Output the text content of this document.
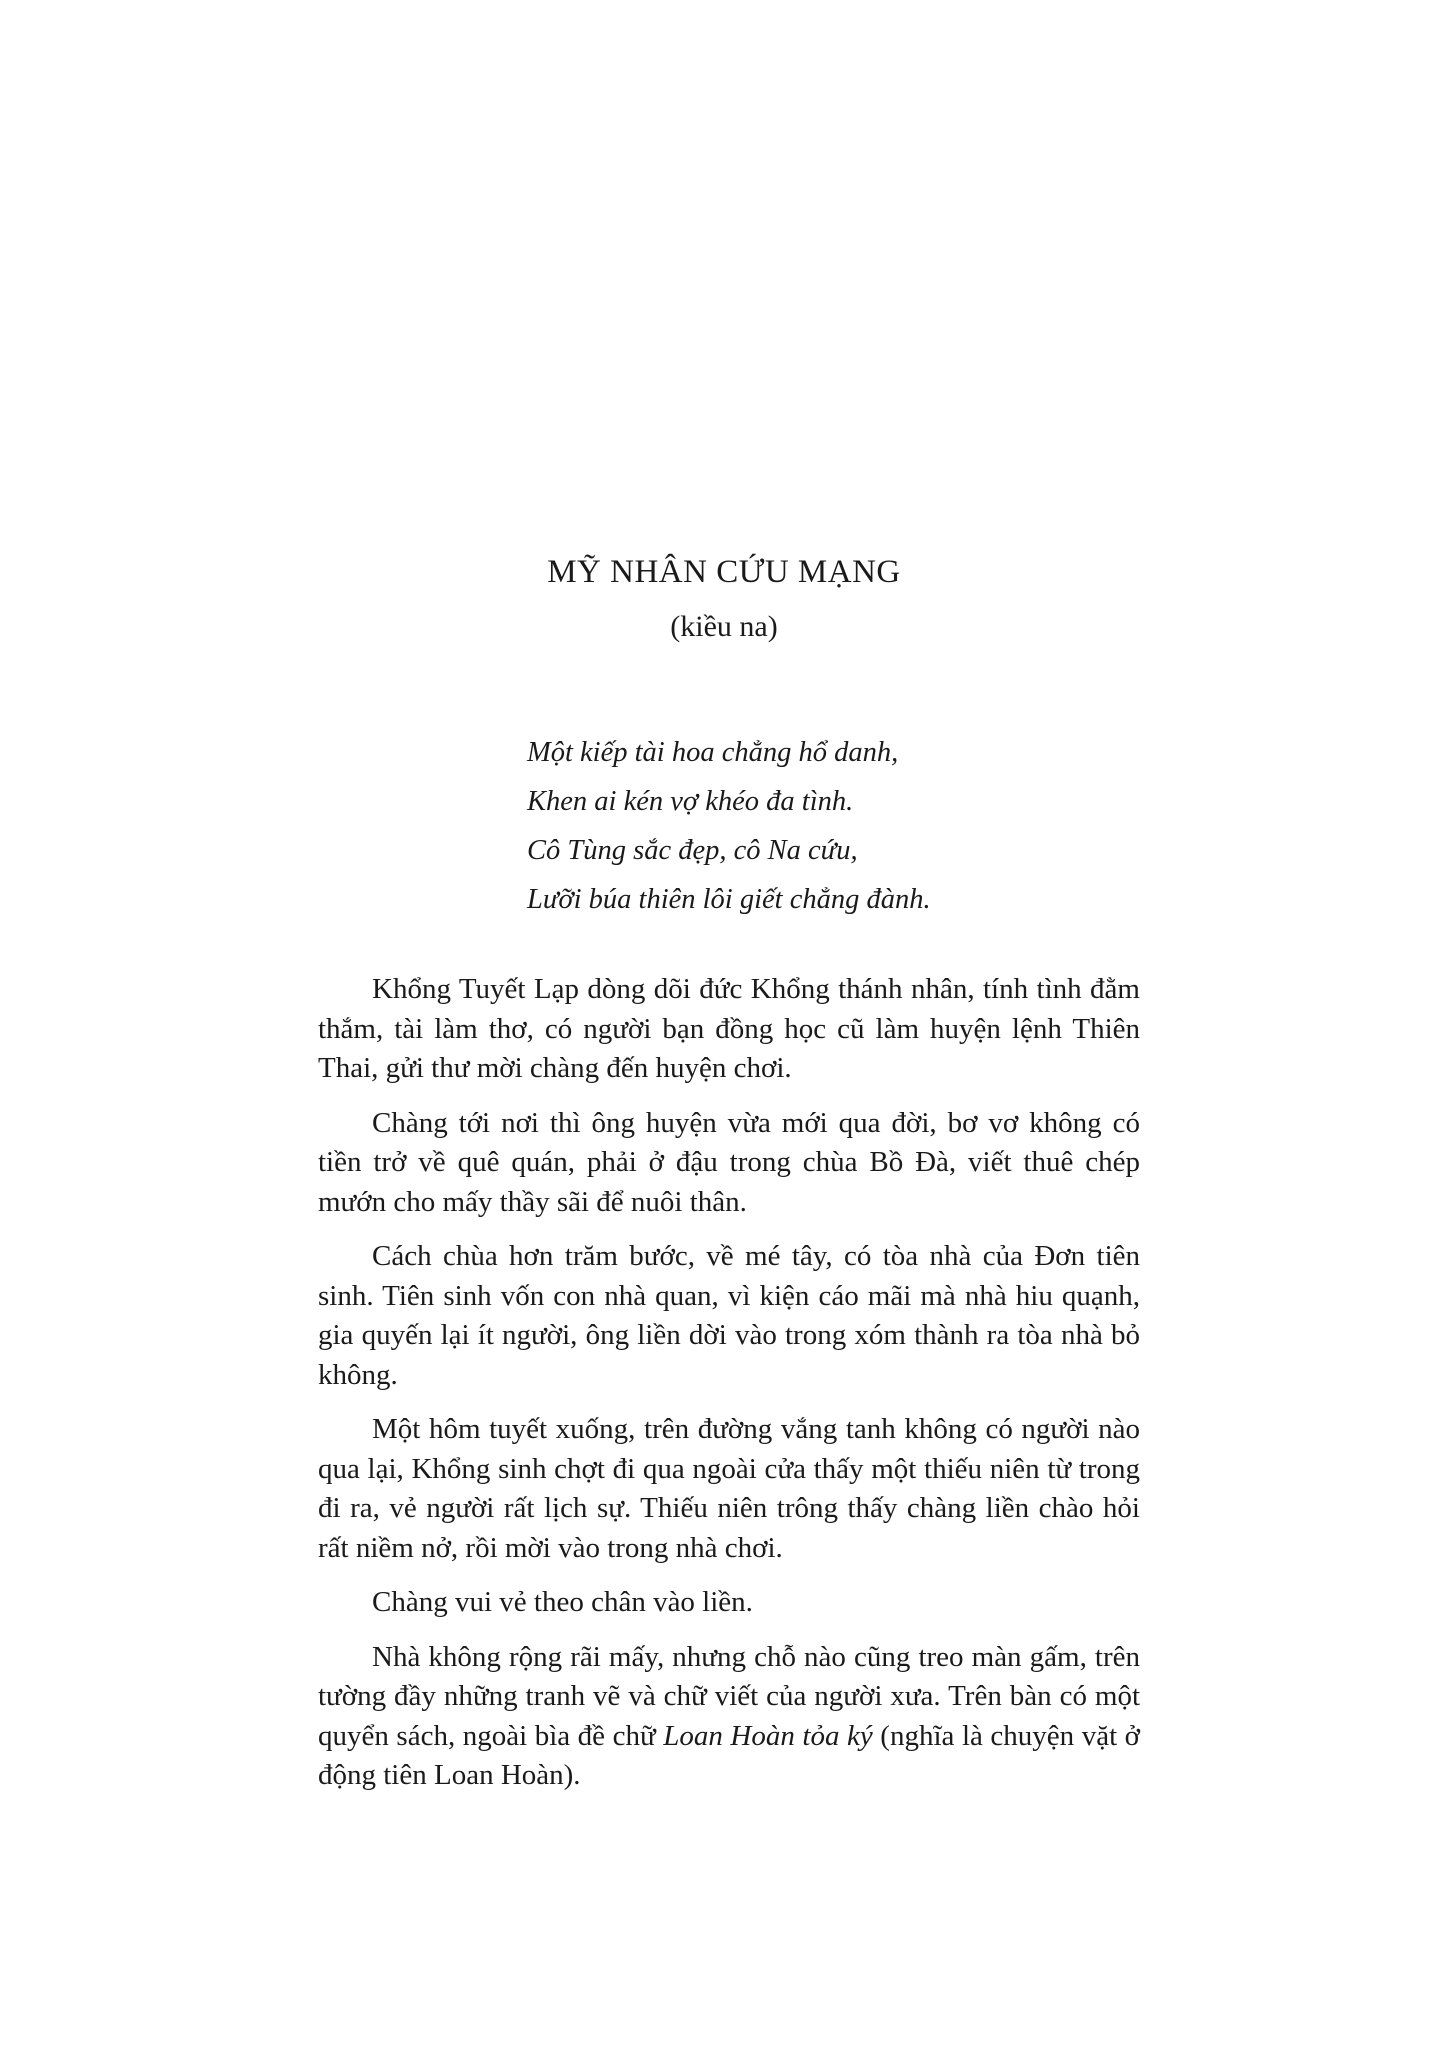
MỸ NHÂN CỨU MẠNG
(kiều na)
Một kiếp tài hoa chẳng hổ danh,
Khen ai kén vợ khéo đa tình.
Cô Tùng sắc đẹp, cô Na cứu,
Lưỡi búa thiên lôi giết chẳng đành.

Khổng Tuyết Lạp dòng dõi đức Khổng thánh nhân, tính tình đằm thắm, tài làm thơ, có người bạn đồng học cũ làm huyện lệnh Thiên Thai, gửi thư mời chàng đến huyện chơi.

Chàng tới nơi thì ông huyện vừa mới qua đời, bơ vơ không có tiền trở về quê quán, phải ở đậu trong chùa Bồ Đà, viết thuê chép mướn cho mấy thầy sãi để nuôi thân.

Cách chùa hơn trăm bước, về mé tây, có tòa nhà của Đơn tiên sinh. Tiên sinh vốn con nhà quan, vì kiện cáo mãi mà nhà hiu quạnh, gia quyến lại ít người, ông liền dời vào trong xóm thành ra tòa nhà bỏ không.

Một hôm tuyết xuống, trên đường vắng tanh không có người nào qua lại, Khổng sinh chợt đi qua ngoài cửa thấy một thiếu niên từ trong đi ra, vẻ người rất lịch sự. Thiếu niên trông thấy chàng liền chào hỏi rất niềm nở, rồi mời vào trong nhà chơi.

Chàng vui vẻ theo chân vào liền.

Nhà không rộng rãi mấy, nhưng chỗ nào cũng treo màn gấm, trên tường đầy những tranh vẽ và chữ viết của người xưa. Trên bàn có một quyển sách, ngoài bìa đề chữ Loan Hoàn tỏa ký (nghĩa là chuyện vặt ở động tiên Loan Hoàn).
